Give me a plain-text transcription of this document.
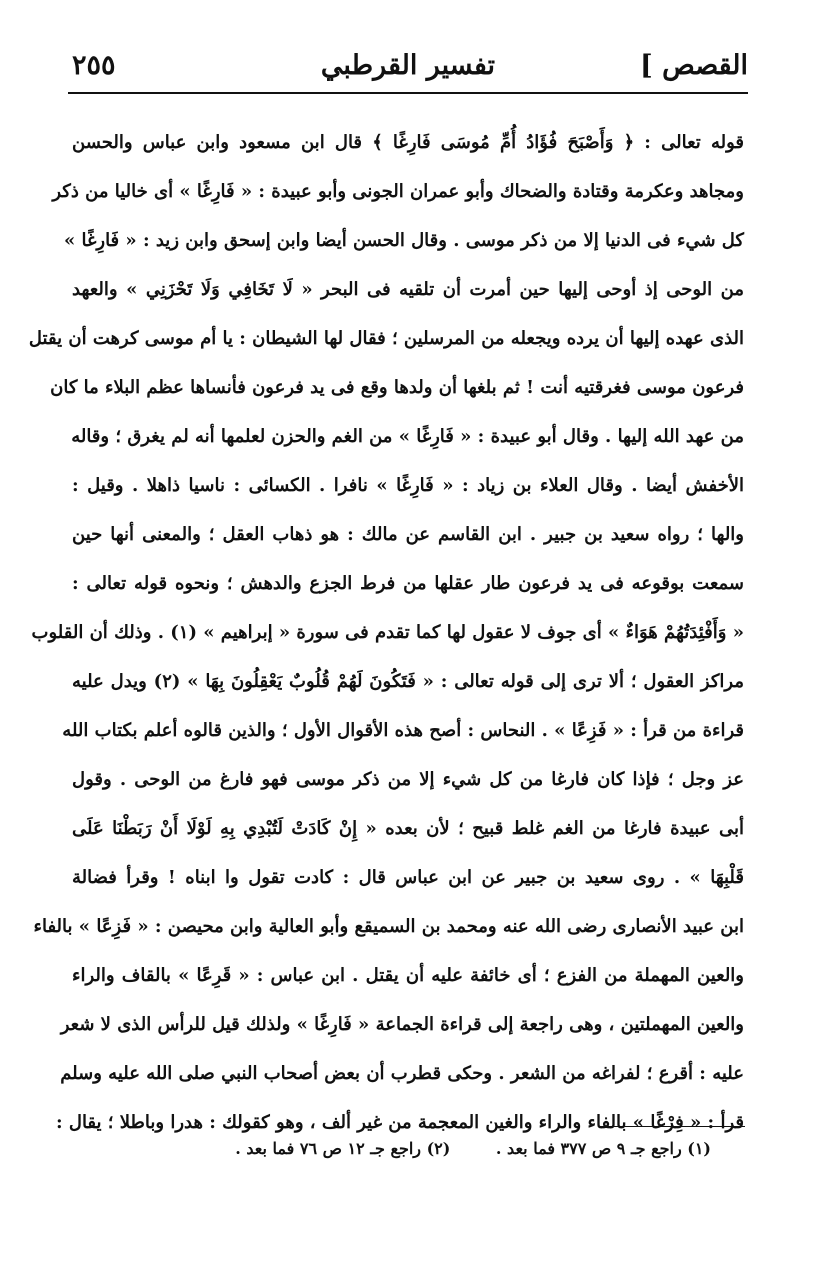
القصص ]
تفسير القرطبي
٢٥٥
قوله تعالى : ﴿ وَأَصْبَحَ فُؤَادُ أُمِّ مُوسَى فَارِغًا ﴾ قال ابن مسعود وابن عباس والحسن
ومجاهد وعكرمة وقتادة والضحاك وأبو عمران الجونى وأبو عبيدة : « فَارِغًا » أى خاليا من ذكر
كل شيء فى الدنيا إلا من ذكر موسى . وقال الحسن أيضا وابن إسحق وابن زيد : « فَارِغًا »
من الوحى إذ أوحى إليها حين أمرت أن تلقيه فى البحر « لَا تَخَافِي وَلَا تَحْزَنِي » والعهد
الذى عهده إليها أن يرده ويجعله من المرسلين ؛ فقال لها الشيطان : يا أم موسى كرهت أن يقتل
فرعون موسى فغرقتيه أنت ! ثم بلغها أن ولدها وقع فى يد فرعون فأنساها عظم البلاء ما كان
من عهد الله إليها . وقال أبو عبيدة : « فَارِغًا » من الغم والحزن لعلمها أنه لم يغرق ؛ وقاله
الأخفش أيضا . وقال العلاء بن زياد : « فَارِغًا » نافرا . الكسائى : ناسيا ذاهلا . وقيل :
والها ؛ رواه سعيد بن جبير . ابن القاسم عن مالك : هو ذهاب العقل ؛ والمعنى أنها حين
سمعت بوقوعه فى يد فرعون طار عقلها من فرط الجزع والدهش ؛ ونحوه قوله تعالى :
« وَأَفْئِدَتُهُمْ هَوَاءٌ » أى جوف لا عقول لها كما تقدم فى سورة « إبراهيم » (١) . وذلك أن القلوب
مراكز العقول ؛ ألا ترى إلى قوله تعالى : « فَتَكُونَ لَهُمْ قُلُوبٌ يَعْقِلُونَ بِهَا » (٢) ويدل عليه
قراءة من قرأ : « فَزِعًا » . النحاس : أصح هذه الأقوال الأول ؛ والذين قالوه أعلم بكتاب الله
عز وجل ؛ فإذا كان فارغا من كل شيء إلا من ذكر موسى فهو فارغ من الوحى . وقول
أبى عبيدة فارغا من الغم غلط قبيح ؛ لأن بعده « إِنْ كَادَتْ لَتُبْدِي بِهِ لَوْلَا أَنْ رَبَطْنَا عَلَى
قَلْبِهَا » . روى سعيد بن جبير عن ابن عباس قال : كادت تقول وا ابناه ! وقرأ فضالة
ابن عبيد الأنصارى رضى الله عنه ومحمد بن السميقع وأبو العالية وابن محيصن : « فَزِعًا » بالفاء
والعين المهملة من الفزع ؛ أى خائفة عليه أن يقتل . ابن عباس : « قَرِعًا » بالقاف والراء
والعين المهملتين ، وهى راجعة إلى قراءة الجماعة « فَارِغًا » ولذلك قيل للرأس الذى لا شعر
عليه : أقرع ؛ لفراغه من الشعر . وحكى قطرب أن بعض أصحاب النبي صلى الله عليه وسلم
قرأ : « فِرْغًا » بالفاء والراء والغين المعجمة من غير ألف ، وهو كقولك : هدرا وباطلا ؛ يقال :
(١) راجع جـ ٩ ص ٣٧٧ فما بعد . (٢) راجع جـ ١٢ ص ٧٦ فما بعد .
